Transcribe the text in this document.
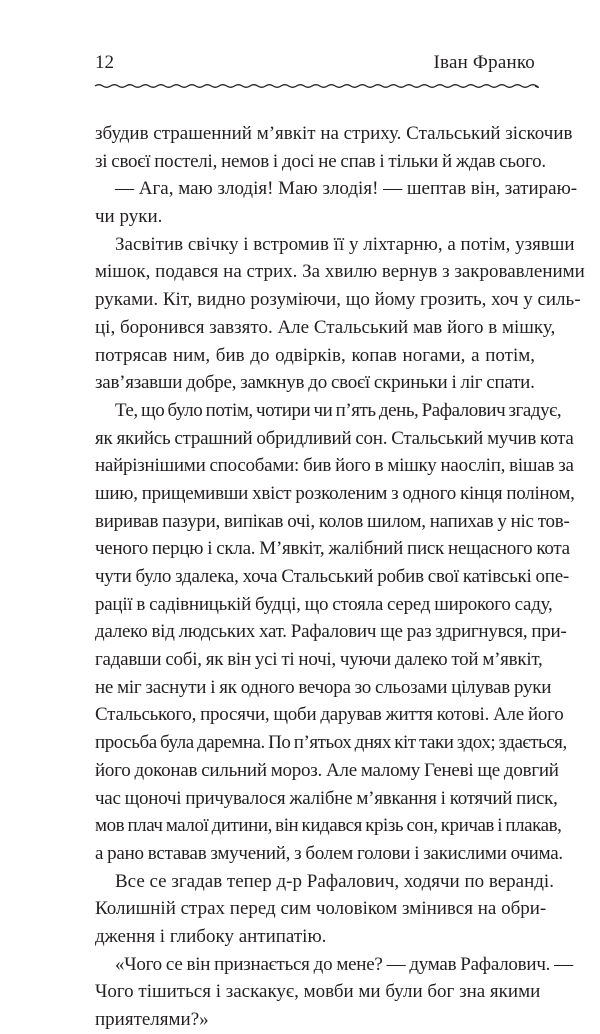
12	Іван Франко
збудив страшенний м’явкіт на стриху. Стальський зіскочив
зі своєї постелі, немов і досі не спав і тільки й ждав сього.
— Ага, маю злодія! Маю злодія! — шептав він, затираю-
чи руки.
Засвітив свічку і встромив її у ліхтарню, а потім, узявши
мішок, подався на стрих. За хвилю вернув з закровавленими
руками. Кіт, видно розуміючи, що йому грозить, хоч у силь-
ці, боронився завзято. Але Стальський мав його в мішку,
потрясав ним, бив до одвірків, копав ногами, а потім,
зав’язавши добре, замкнув до своєї скриньки і ліг спати.
Те, що було потім, чотири чи п’ять день, Рафалович згадує,
як якийсь страшний обридливий сон. Стальський мучив кота
найрізнішими способами: бив його в мішку наосліп, вішав за
шию, прищемивши хвіст розколеним з одного кінця поліном,
виривав пазури, випікав очі, колов шилом, напихав у ніс тов-
ченого перцю і скла. М’явкіт, жалібний писк нещасного кота
чути було здалека, хоча Стальський робив свої катівські опе-
рації в садівницькій будці, що стояла серед широкого саду,
далеко від людських хат. Рафалович ще раз здригнувся, при-
гадавши собі, як він усі ті ночі, чуючи далеко той м’явкіт,
не міг заснути і як одного вечора зо сльозами цілував руки
Стальського, просячи, щоби дарував життя котові. Але його
просьба була даремна. По п’ятьох днях кіт таки здох; здається,
його доконав сильний мороз. Але малому Геневі ще довгий
час щоночі причувалося жалібне м’явкання і котячий писк,
мов плач малої дитини, він кидався крізь сон, кричав і плакав,
а рано вставав змучений, з болем голови і закислими очима.
Все се згадав тепер д-р Рафалович, ходячи по веранді.
Колишній страх перед сим чоловіком змінився на обри-
дження і глибоку антипатію.
«Чого се він признається до мене? — думав Рафалович. —
Чого тішиться і заскакує, мовби ми були бог зна якими
приятелями?»
